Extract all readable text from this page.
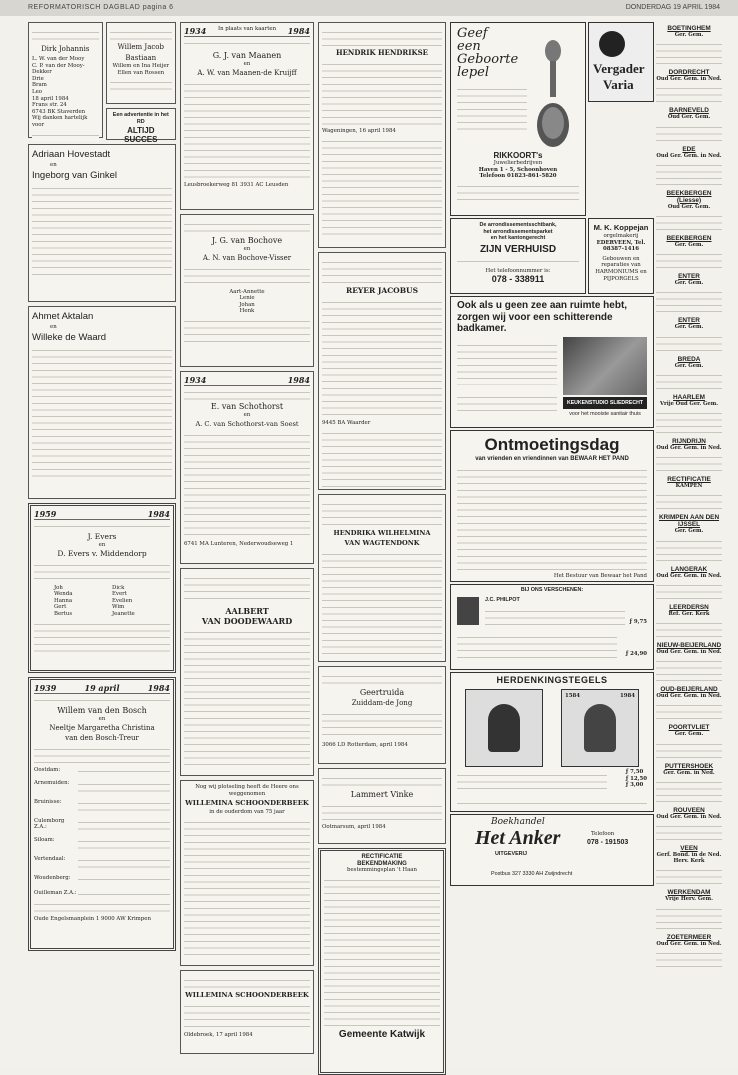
REFORMATORISCH DAGBLAD pagina 6	DONDERDAG 19 APRIL 1984

Dirk Johannis

L. W. van der Mooy

C. P. van der Mooy-Dekker

Drie

Bram

Leo

18 april 1984

Frans str. 24

6743 BK Staverden

Wij danken hartelijk voor

Willem Jacob

Bastiaan

Willem en Ina Heijer

Ellen van Rossen

Een advertentie in het RD

ALTIJD SUCCES

Adriaan Hovestadt

en

Ingeborg van Ginkel

Ahmet Aktalan

en

Willeke de Waard

1959	1984

J. Evers

en

D. Evers v. Middendorp

Joh	Dick

Wenda	Evert

Hanna	Evelien

Gert	Wim

Bertus	Jeanette

1939	19 april	1984

Willem van den Bosch

en

Neeltje Margaretha Christina

van den Bosch-Treur

Oostdam:

Arnemuiden:

Bruinisse:

Culemborg Z.A.:

Siloam:

Vertendaal:

Woudenberg:

Ouilleman Z.A.:

Oude Engelsmanplein 1 9000 AW Krimpen

1934 In plaats van kaarten 1984

G. J. van Maanen

en

A. W. van Maanen-de Kruijff

Leusbroekerweg 81 3931 AC Leusden

J. G. van Bochove

en

A. N. van Bochove-Visser

Aart-Annette

Lenie

Johan

Henk

1934	1984

E. van Schothorst

en

A. C. van Schothorst-van Soest

6741 MA Lunteren, Nederwoudseweg 1

AALBERT

VAN DOODEWAARD

Nog wij plotseling heeft de Heere ons weggenomen

WILLEMINA SCHOONDERBEEK

in de ouderdom van 75 jaar

WILLEMINA SCHOONDERBEEK

Oldebroek, 17 april 1984

HENDRIK HENDRIKSE

Wageningen, 16 april 1984

REYER JACOBUS

9445 BA Waarder

HENDRIKA WILHELMINA

VAN WAGTENDONK

Geertruida

Zuiddam-de Jong

3066 LD Rotterdam, april 1984

Lammert Vinke

Ootmarsum, april 1984

RECTIFICATIE

BEKENDMAKING

bestemmingsplan 't Haan

Gemeente Katwijk

Geef
een
Geboorte
lepel

RIKKOORT's

Juwelierbedrijven

Haven 1 - 5, Schoonhoven

Telefoon 01823-861-5820

Vergader
Varia

De arrondissementsschtbank,

het arrondissementsparket

en het kantongerecht

ZIJN VERHUISD

Het telefoonnummer is:

078 - 338911

M. K. Koppejan

orgelmakerij

EDERVEEN, Tel. 08387-1416

Gebouwen en reparaties van HARMONIUMS en PIJPORGELS

Ook als u geen zee aan ruimte hebt, zorgen wij voor een schitterende badkamer.

KEUKENSTUDIO SLIEDRECHT

voor het mooiste sanitair thuis

Ontmoetingsdag

van vrienden en vriendinnen van BEWAAR HET PAND

Het Bestuur van Bewaar het Pand

BIJ ONS VERSCHENEN:

J.C. PHILPOT

ƒ 9,75

ƒ 24,90

HERDENKINGSTEGELS

1584	1984

ƒ 7,50

ƒ 12,50

ƒ 3,00

Boekhandel

Het Anker

UITGEVERIJ

Telefoon

078 - 191503

Postbus 327 3330 AH Zwijndrecht

BOETINGHEM

Ger. Gem.

DORDRECHT

Oud Ger. Gem. in Ned.

BARNEVELD

Oud Ger. Gem.

EDE

Oud Ger. Gem. in Ned.

BEEKBERGEN (Liesse)

Oud Ger. Gem.

BEEKBERGEN

Ger. Gem.

ENTER

Ger. Gem.

ENTER

Ger. Gem.

BREDA

Ger. Gem.

HAARLEM

Vrije Oud Ger. Gem.

RIJNDRIJN

Oud Ger. Gem. in Ned.

RECTIFICATIE

KAMPEN

KRIMPEN AAN DEN IJSSEL

Ger. Gem.

LANGERAK

Oud Ger. Gem. in Ned.

LEERDERSN

Ref. Ger. Kerk

NIEUW-BEIJERLAND

Oud Ger. Gem. in Ned.

OUD-BEIJERLAND

Oud Ger. Gem. in Ned.

POORTVLIET

Ger. Gem.

PUTTERSHOEK

Ger. Gem. in Ned.

ROUVEEN

Oud Ger. Gem. in Ned.

VEEN

Gerf. Bond. in de Ned. Herv. Kerk

WERKENDAM

Vrije Herv. Gem.

ZOETERMEER

Oud Ger. Gem. in Ned.
